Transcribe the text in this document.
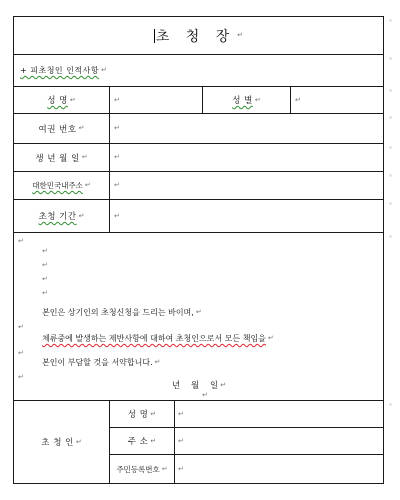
초 청 장 ↵
°
+ 피초청인 인적사항 ↵
°
성 명 ↵	↵	성 별 ↵	↵
°
여권 번호 ↵	↵
°
생 년 월 일 ↵	↵
°
대한민국내주소 ↵	↵
°
초청 기간 ↵	↵
°
↵
↵
↵
↵
↵
본인은 상기인의 초청신청을 드리는 바이며, ↵
↵
체류중에 발생하는 제반사항에 대하여 초청인으로서 모든 책임을 ↵
↵
본인이 부담할 것을 서약합니다. ↵
↵
년    월    일 ↵
↵
°
초 청 인 ↵
성 명 ↵	↵
주 소 ↵	↵
주민등록번호 ↵ ↵
°
